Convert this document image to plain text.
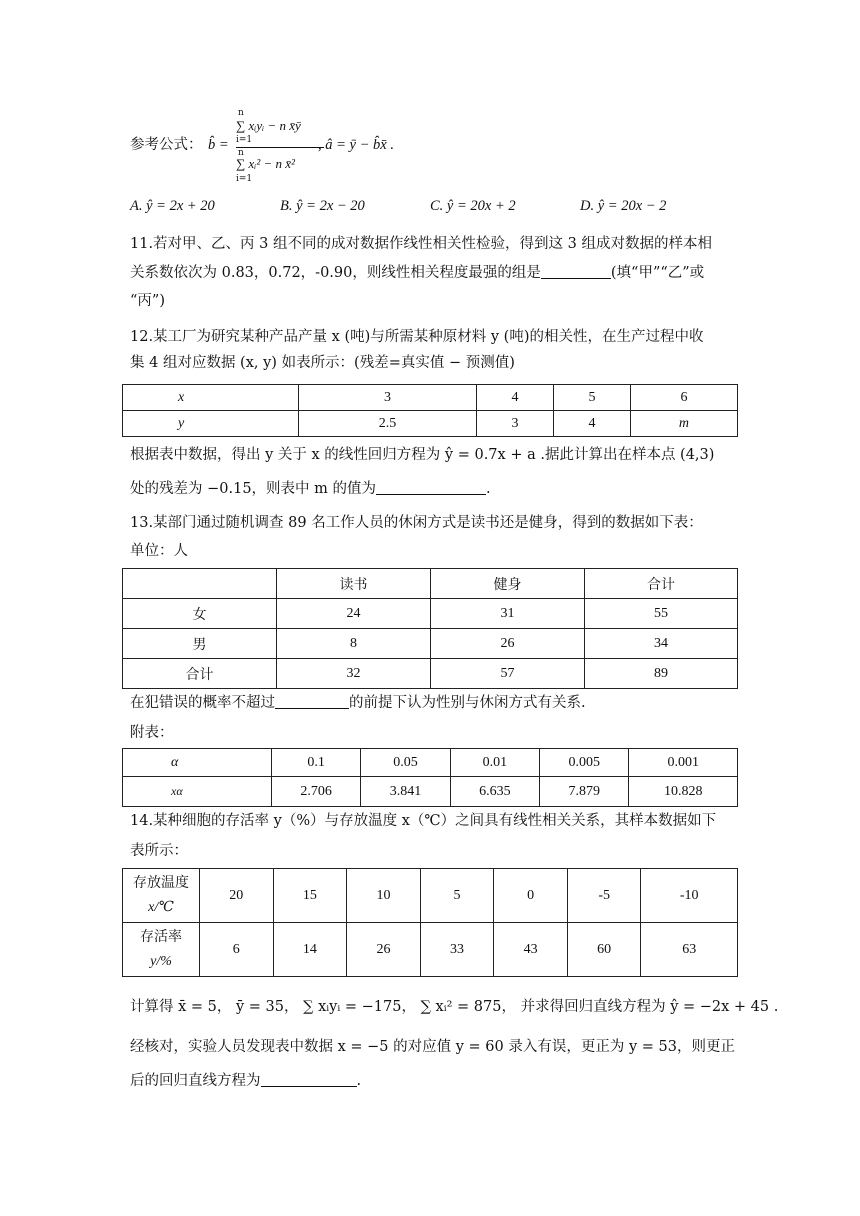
参考公式： b̂ =
n
∑ xᵢyᵢ − n x̄ȳ
i=1
n
∑ xᵢ² − n x̄²
i=1
, â = ȳ − b̂x̄ .
A. ŷ = 2x + 20	B. ŷ = 2x − 20	C. ŷ = 20x + 2	D. ŷ = 20x − 2
11.若对甲、乙、丙 3 组不同的成对数据作线性相关性检验，得到这 3 组成对数据的样本相
关系数依次为 0.83，0.72，-0.90，则线性相关程度最强的组是	(填“甲”“乙”或
“丙”)
12.某工厂为研究某种产品产量 x (吨)与所需某种原材料 y (吨)的相关性，在生产过程中收
集 4 组对应数据 (x, y) 如表所示：(残差=真实值 − 预测值)
x	3	4	5	6
y	2.5	3	4	m
根据表中数据，得出 y 关于 x 的线性回归方程为 ŷ = 0.7x + a .据此计算出在样本点 (4,3)
处的残差为 −0.15，则表中 m 的值为	.
13.某部门通过随机调查 89 名工作人员的休闲方式是读书还是健身，得到的数据如下表：
单位：人
	读书	健身	合计
女	24	31	55
男	8	26	34
合计	32	57	89
在犯错误的概率不超过	的前提下认为性别与休闲方式有关系.
附表：
α	0.1	0.05	0.01	0.005	0.001
xα	2.706	3.841	6.635	7.879	10.828
14.某种细胞的存活率 y（%）与存放温度 x（℃）之间具有线性相关关系，其样本数据如下
表所示：
存放温度
x/℃	20	15	10	5	0	-5	-10

存活率
y/%	6	14	26	33	43	60	63
计算得 x̄ = 5， ȳ = 35， ∑ xᵢyᵢ = −175， ∑ xᵢ² = 875， 并求得回归直线方程为 ŷ = −2x + 45 .
经核对，实验人员发现表中数据 x = −5 的对应值 y = 60 录入有误，更正为 y = 53，则更正
后的回归直线方程为	.
